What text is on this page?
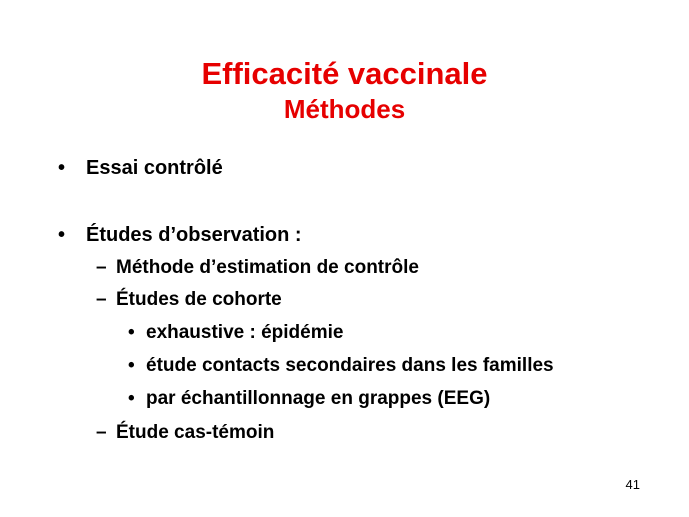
Efficacité vaccinale
Méthodes
• Essai contrôlé
• Études d’observation :
– Méthode d’estimation de contrôle
– Études de cohorte
• exhaustive : épidémie
• étude contacts secondaires dans les familles
• par échantillonnage en grappes (EEG)
– Étude cas-témoin
41
